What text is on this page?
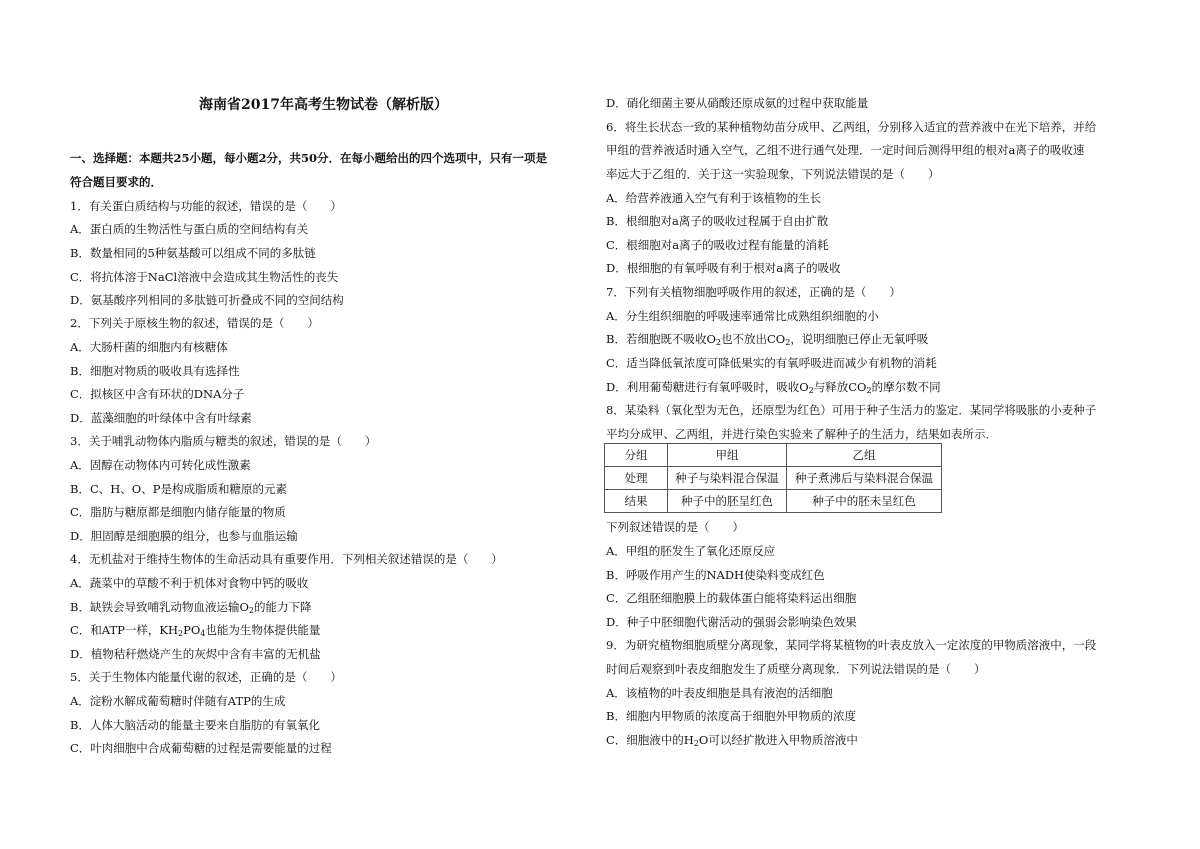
海南省2017年高考生物试卷（解析版）
一、选择题：本题共25小题，每小题2分，共50分．在每小题给出的四个选项中，只有一项是
符合题目要求的．
1．有关蛋白质结构与功能的叙述，错误的是（　　）
A．蛋白质的生物活性与蛋白质的空间结构有关
B．数量相同的5种氨基酸可以组成不同的多肽链
C．将抗体溶于NaCl溶液中会造成其生物活性的丧失
D．氨基酸序列相同的多肽链可折叠成不同的空间结构
2．下列关于原核生物的叙述，错误的是（　　）
A．大肠杆菌的细胞内有核糖体
B．细胞对物质的吸收具有选择性
C．拟核区中含有环状的DNA分子
D．蓝藻细胞的叶绿体中含有叶绿素
3．关于哺乳动物体内脂质与糖类的叙述，错误的是（　　）
A．固醇在动物体内可转化成性激素
B．C、H、O、P是构成脂质和糖原的元素
C．脂肪与糖原都是细胞内储存能量的物质
D．胆固醇是细胞膜的组分，也参与血脂运输
4．无机盐对于维持生物体的生命活动具有重要作用．下列相关叙述错误的是（　　）
A．蔬菜中的草酸不利于机体对食物中钙的吸收
B．缺铁会导致哺乳动物血液运输$O_2$的能力下降
C．和ATP一样，$KH_2PO_4$也能为生物体提供能量
D．植物秸秆燃烧产生的灰烬中含有丰富的无机盐
5．关于生物体内能量代谢的叙述，正确的是（　　）
A．淀粉水解成葡萄糖时伴随有ATP的生成
B．人体大脑活动的能量主要来自脂肪的有氧氧化
C．叶肉细胞中合成葡萄糖的过程是需要能量的过程
分组	甲组	乙组
处理	种子与染料混合保温	种子煮沸后与染料混合保温
结果	种子中的胚呈红色	种子中的胚未呈红色
D．硝化细菌主要从硝酸还原成氨的过程中获取能量
6．将生长状态一致的某种植物幼苗分成甲、乙两组，分别移入适宜的营养液中在光下培养，并给
甲组的营养液适时通入空气，乙组不进行通气处理．一定时间后测得甲组的根对a离子的吸收速
率远大于乙组的．关于这一实验现象，下列说法错误的是（　　）
A．给营养液通入空气有利于该植物的生长
B．根细胞对a离子的吸收过程属于自由扩散
C．根细胞对a离子的吸收过程有能量的消耗
D．根细胞的有氧呼吸有利于根对a离子的吸收
7．下列有关植物细胞呼吸作用的叙述，正确的是（　　）
A．分生组织细胞的呼吸速率通常比成熟组织细胞的小
B．若细胞既不吸收$O_2$也不放出$CO_2$，说明细胞已停止无氧呼吸
C．适当降低氧浓度可降低果实的有氧呼吸进而减少有机物的消耗
D．利用葡萄糖进行有氧呼吸时，吸收$O_2$与释放$CO_2$的摩尔数不同
8．某染料（氧化型为无色，还原型为红色）可用于种子生活力的鉴定．某同学将吸胀的小麦种子
平均分成甲、乙两组，并进行染色实验来了解种子的生活力，结果如表所示．
下列叙述错误的是（　　）
A．甲组的胚发生了氧化还原反应
B．呼吸作用产生的NADH使染料变成红色
C．乙组胚细胞膜上的载体蛋白能将染料运出细胞
D．种子中胚细胞代谢活动的强弱会影响染色效果
9．为研究植物细胞质壁分离现象，某同学将某植物的叶表皮放入一定浓度的甲物质溶液中，一段
时间后观察到叶表皮细胞发生了质壁分离现象．下列说法错误的是（　　）
A．该植物的叶表皮细胞是具有液泡的活细胞
B．细胞内甲物质的浓度高于细胞外甲物质的浓度
C．细胞液中的$H_2O$可以经扩散进入甲物质溶液中
